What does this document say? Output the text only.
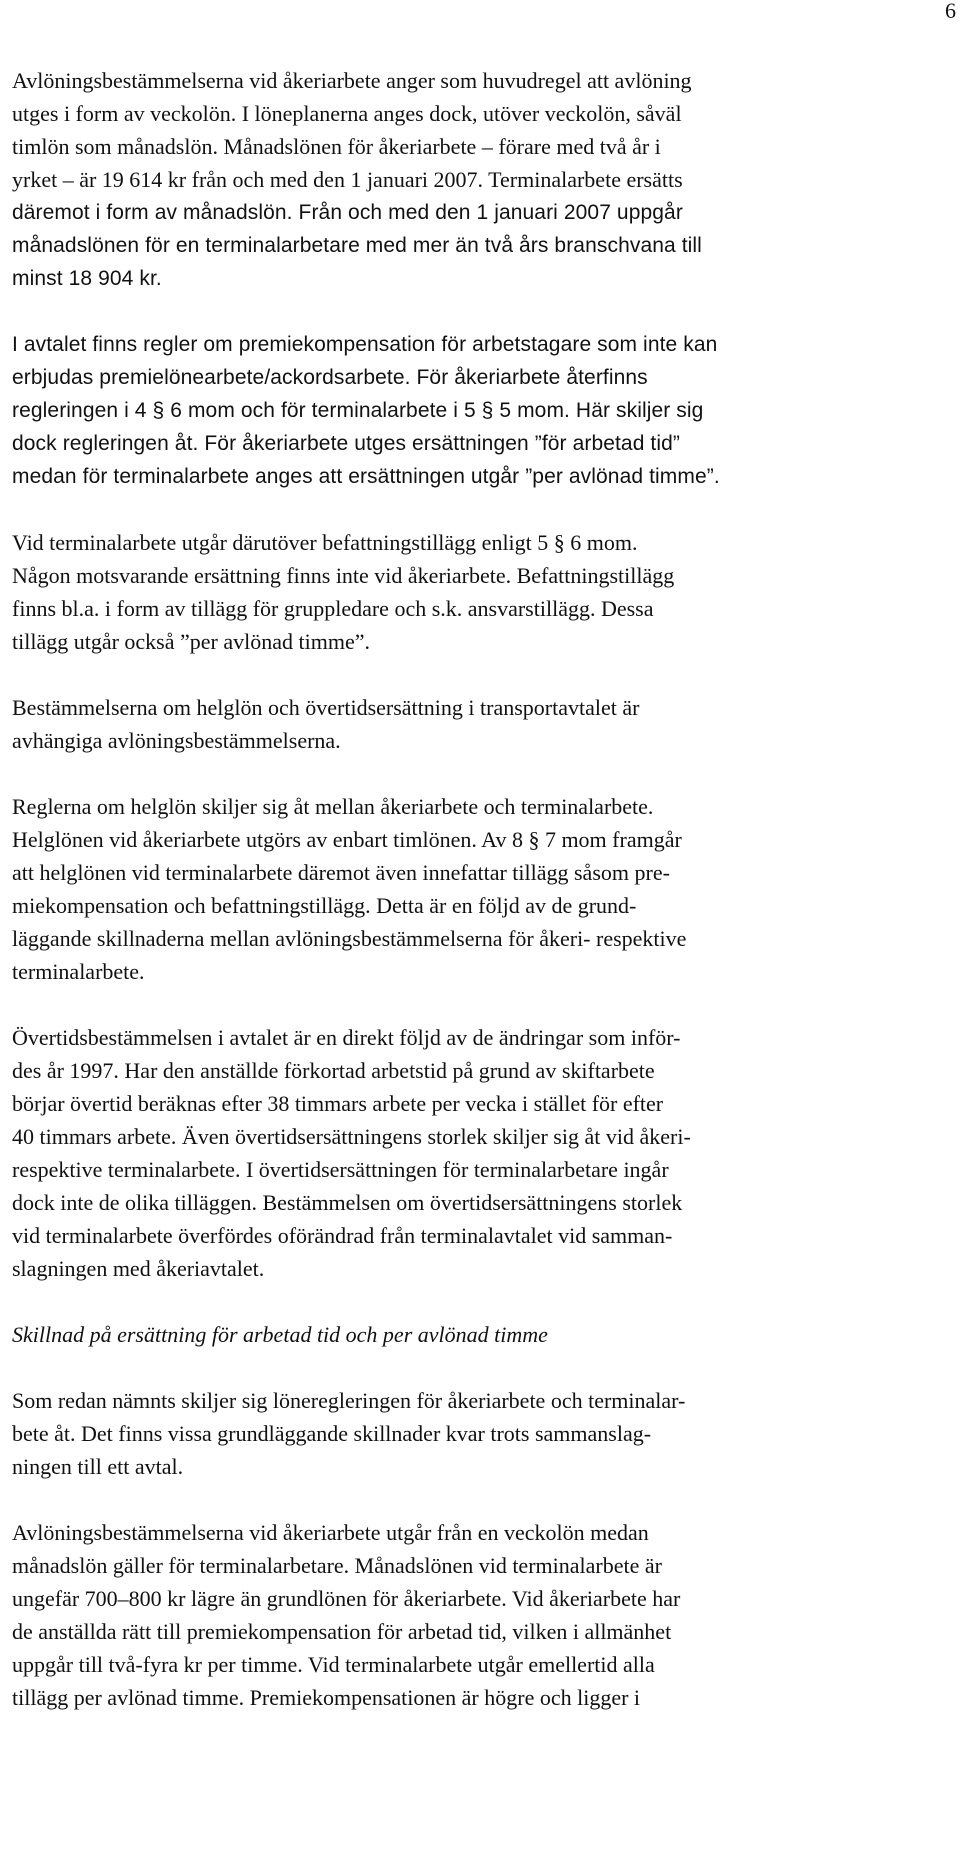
6
Avlöningsbestämmelserna vid åkeriarbete anger som huvudregel att avlöning
utges i form av veckolön. I löneplanerna anges dock, utöver veckolön, såväl
timlön som månadslön. Månadslönen för åkeriarbete – förare med två år i
yrket – är 19 614 kr från och med den 1 januari 2007. Terminalarbete ersätts
däremot i form av månadslön. Från och med den 1 januari 2007 uppgår
månadslönen för en terminalarbetare med mer än två års branschvana till
minst 18 904 kr.
I avtalet finns regler om premiekompensation för arbetstagare som inte kan
erbjudas premielönearbete/ackordsarbete. För åkeriarbete återfinns
regleringen i 4 § 6 mom och för terminalarbete i 5 § 5 mom. Här skiljer sig
dock regleringen åt. För åkeriarbete utges ersättningen ”för arbetad tid”
medan för terminalarbete anges att ersättningen utgår ”per avlönad timme”.
Vid terminalarbete utgår därutöver befattningstillägg enligt 5 § 6 mom.
Någon motsvarande ersättning finns inte vid åkeriarbete. Befattningstillägg
finns bl.a. i form av tillägg för gruppledare och s.k. ansvarstillägg. Dessa
tillägg utgår också ”per avlönad timme”.
Bestämmelserna om helglön och övertidsersättning i transportavtalet är
avhängiga avlöningsbestämmelserna.
Reglerna om helglön skiljer sig åt mellan åkeriarbete och terminalarbete.
Helglönen vid åkeriarbete utgörs av enbart timlönen. Av 8 § 7 mom framgår
att helglönen vid terminalarbete däremot även innefattar tillägg såsom pre-
miekompensation och befattningstillägg. Detta är en följd av de grund-
läggande skillnaderna mellan avlöningsbestämmelserna för åkeri- respektive
terminalarbete.
Övertidsbestämmelsen i avtalet är en direkt följd av de ändringar som inför-
des år 1997. Har den anställde förkortad arbetstid på grund av skiftarbete
börjar övertid beräknas efter 38 timmars arbete per vecka i stället för efter
40 timmars arbete. Även övertidsersättningens storlek skiljer sig åt vid åkeri-
respektive terminalarbete. I övertidsersättningen för terminalarbetare ingår
dock inte de olika tilläggen. Bestämmelsen om övertidsersättningens storlek
vid terminalarbete överfördes oförändrad från terminalavtalet vid samman-
slagningen med åkeriavtalet.
Skillnad på ersättning för arbetad tid och per avlönad timme
Som redan nämnts skiljer sig löneregleringen för åkeriarbete och terminalar-
bete åt. Det finns vissa grundläggande skillnader kvar trots sammanslag-
ningen till ett avtal.
Avlöningsbestämmelserna vid åkeriarbete utgår från en veckolön medan
månadslön gäller för terminalarbetare. Månadslönen vid terminalarbete är
ungefär 700–800 kr lägre än grundlönen för åkeriarbete. Vid åkeriarbete har
de anställda rätt till premiekompensation för arbetad tid, vilken i allmänhet
uppgår till två-fyra kr per timme. Vid terminalarbete utgår emellertid alla
tillägg per avlönad timme. Premiekompensationen är högre och ligger i
